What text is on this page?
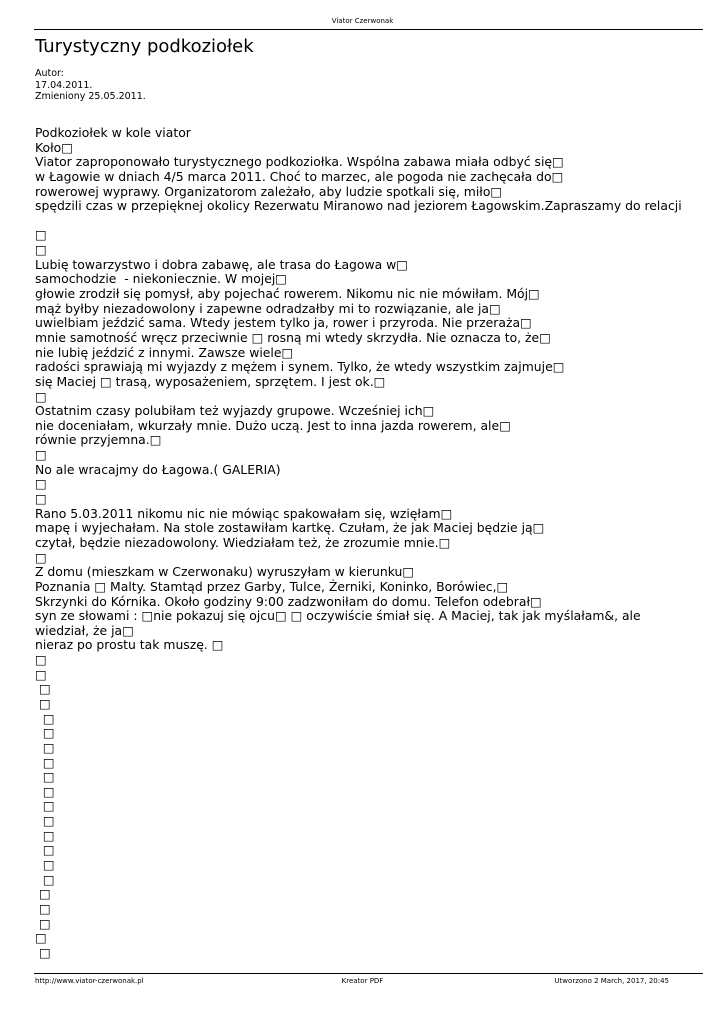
Viator Czerwonak
Turystyczny podkoziołek
Autor:
17.04.2011.
Zmieniony 25.05.2011.
Podkoziołek w kole viator
Koło□
Viator zaproponowało turystycznego podkoziołka. Wspólna zabawa miała odbyć się□
w Łagowie w dniach 4/5 marca 2011. Choć to marzec, ale pogoda nie zachęcała do□
rowerowej wyprawy. Organizatorom zależało, aby ludzie spotkali się, miło□
spędzili czas w przepięknej okolicy Rezerwatu Miranowo nad jeziorem Łagowskim.Zapraszamy do relacji
□
□
Lubię towarzystwo i dobra zabawę, ale trasa do Łagowa w□
samochodzie  - niekoniecznie. W mojej□
głowie zrodził się pomysł, aby pojechać rowerem. Nikomu nic nie mówiłam. Mój□
mąż byłby niezadowolony i zapewne odradzałby mi to rozwiązanie, ale ja□
uwielbiam jeździć sama. Wtedy jestem tylko ja, rower i przyroda. Nie przeraża□
mnie samotność wręcz przeciwnie □ rosną mi wtedy skrzydła. Nie oznacza to, że□
nie lubię jeździć z innymi. Zawsze wiele□
radości sprawiają mi wyjazdy z mężem i synem. Tylko, że wtedy wszystkim zajmuje□
się Maciej □ trasą, wyposażeniem, sprzętem. I jest ok.□
□
Ostatnim czasy polubiłam też wyjazdy grupowe. Wcześniej ich□
nie doceniałam, wkurzały mnie. Dużo uczą. Jest to inna jazda rowerem, ale□
równie przyjemna.□
□
No ale wracajmy do Łagowa.( GALERIA)
□
□
Rano 5.03.2011 nikomu nic nie mówiąc spakowałam się, wzięłam□
mapę i wyjechałam. Na stole zostawiłam kartkę. Czułam, że jak Maciej będzie ją□
czytał, będzie niezadowolony. Wiedziałam też, że zrozumie mnie.□
□
Z domu (mieszkam w Czerwonaku) wyruszyłam w kierunku□
Poznania □ Malty. Stamtąd przez Garby, Tulce, Żerniki, Koninko, Borówiec,□
Skrzynki do Kórnika. Około godziny 9:00 zadzwoniłam do domu. Telefon odebrał□
syn ze słowami : □nie pokazuj się ojcu□ □ oczywiście śmiał się. A Maciej, tak jak myślałam&, ale
wiedział, że ja□
nieraz po prostu tak muszę. □
□
□
□
□
□
□
□
□
□
□
□
□
□
□
□
□
□
□
□
□
□
http://www.viator-czerwonak.pl	Kreator PDF	Utworzono 2 March, 2017, 20:45
